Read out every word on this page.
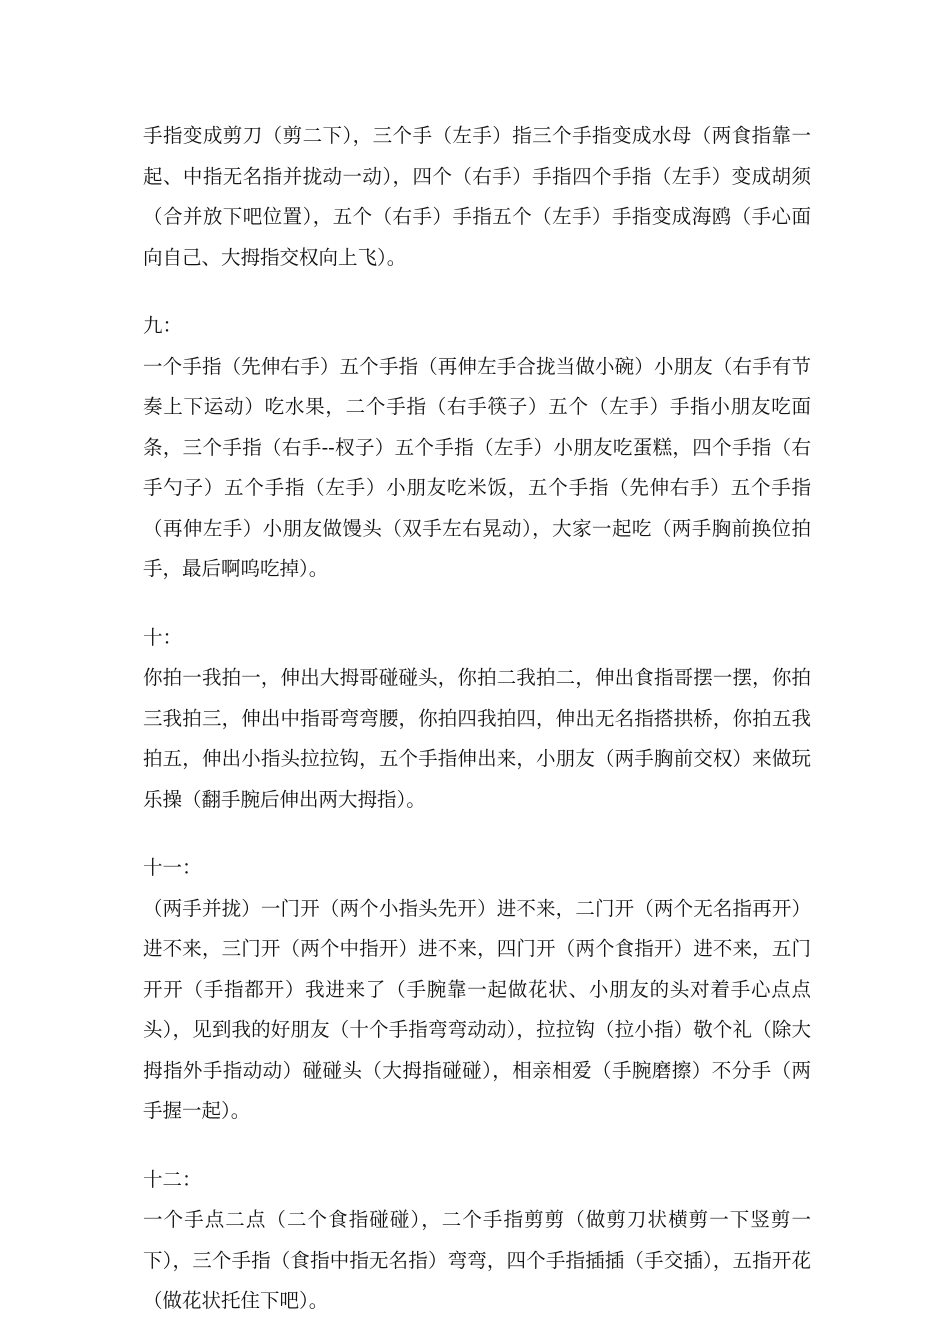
手指变成剪刀（剪二下），三个手（左手）指三个手指变成水母（两食指靠一起、中指无名指并拢动一动），四个（右手）手指四个手指（左手）变成胡须（合并放下吧位置），五个（右手）手指五个（左手）手指变成海鸥（手心面向自己、大拇指交权向上飞）。

九：

一个手指（先伸右手）五个手指（再伸左手合拢当做小碗）小朋友（右手有节奏上下运动）吃水果，二个手指（右手筷子）五个（左手）手指小朋友吃面条，三个手指（右手--杈子）五个手指（左手）小朋友吃蛋糕，四个手指（右手勺子）五个手指（左手）小朋友吃米饭，五个手指（先伸右手）五个手指（再伸左手）小朋友做馒头（双手左右晃动），大家一起吃（两手胸前换位拍手，最后啊呜吃掉）。

十：

你拍一我拍一，伸出大拇哥碰碰头，你拍二我拍二，伸出食指哥摆一摆，你拍三我拍三，伸出中指哥弯弯腰，你拍四我拍四，伸出无名指搭拱桥，你拍五我拍五，伸出小指头拉拉钩，五个手指伸出来，小朋友（两手胸前交权）来做玩乐操（翻手腕后伸出两大拇指）。

十一：

（两手并拢）一门开（两个小指头先开）进不来，二门开（两个无名指再开）进不来，三门开（两个中指开）进不来，四门开（两个食指开）进不来，五门开开（手指都开）我进来了（手腕靠一起做花状、小朋友的头对着手心点点头），见到我的好朋友（十个手指弯弯动动），拉拉钩（拉小指）敬个礼（除大拇指外手指动动）碰碰头（大拇指碰碰），相亲相爱（手腕磨擦）不分手（两手握一起）。

十二：

一个手点二点（二个食指碰碰），二个手指剪剪（做剪刀状横剪一下竖剪一下），三个手指（食指中指无名指）弯弯，四个手指插插（手交插），五指开花（做花状托住下吧）。
